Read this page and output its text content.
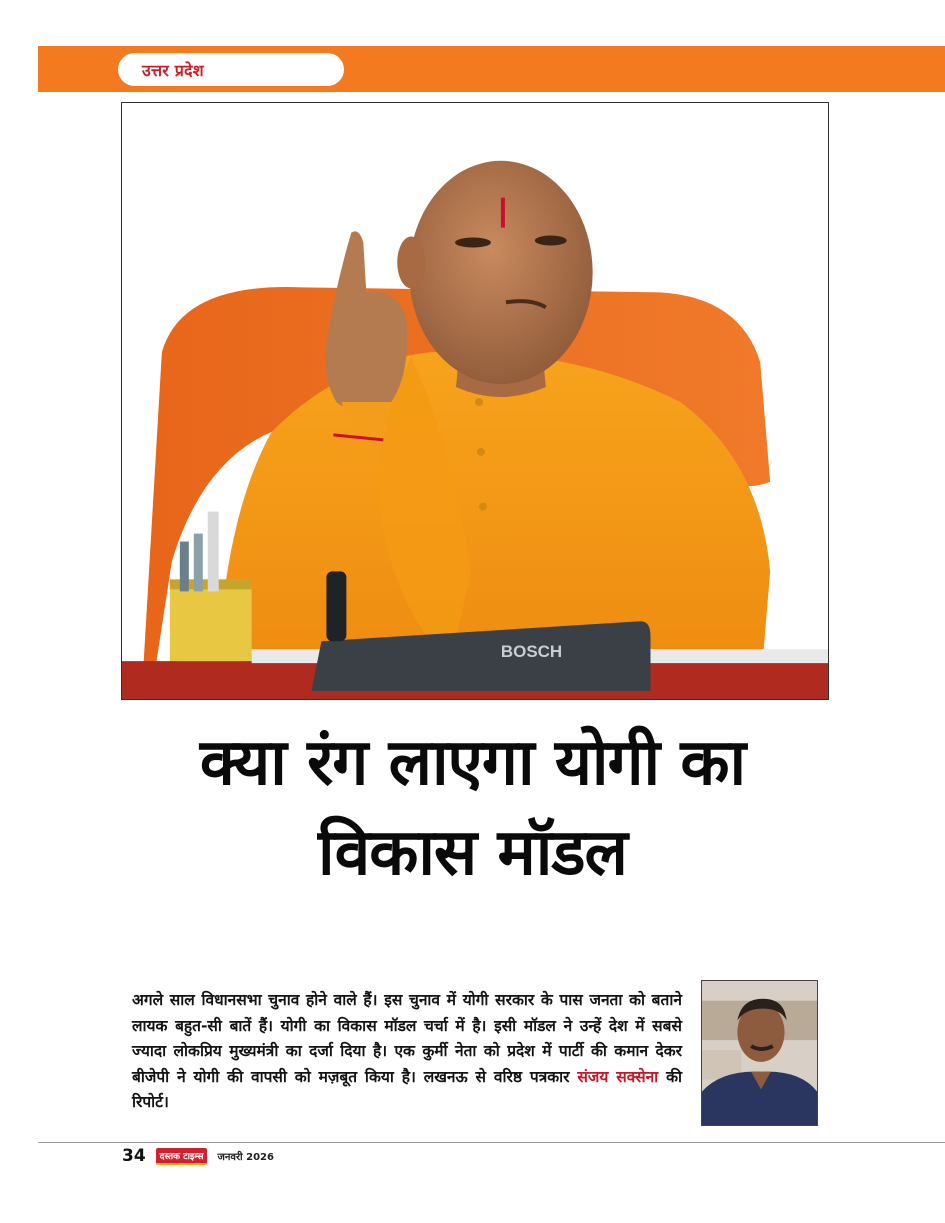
उत्तर प्रदेश
BOSCH
क्या रंग लाएगा योगी का
विकास मॉडल

अगले साल विधानसभा चुनाव होने वाले हैं। इस चुनाव में योगी सरकार के पास जनता को बताने लायक बहुत-सी बातें हैं। योगी का विकास मॉडल चर्चा में है। इसी मॉडल ने उन्हें देश में सबसे ज्यादा लोकप्रिय मुख्यमंत्री का दर्जा दिया है। एक कुर्मी नेता को प्रदेश में पार्टी की कमान देकर बीजेपी ने योगी की वापसी को मज़बूत किया है। लखनऊ से वरिष्ठ पत्रकार संजय सक्सेना की रिपोर्ट।

34	दस्तक टाइम्स	जनवरी 2026
